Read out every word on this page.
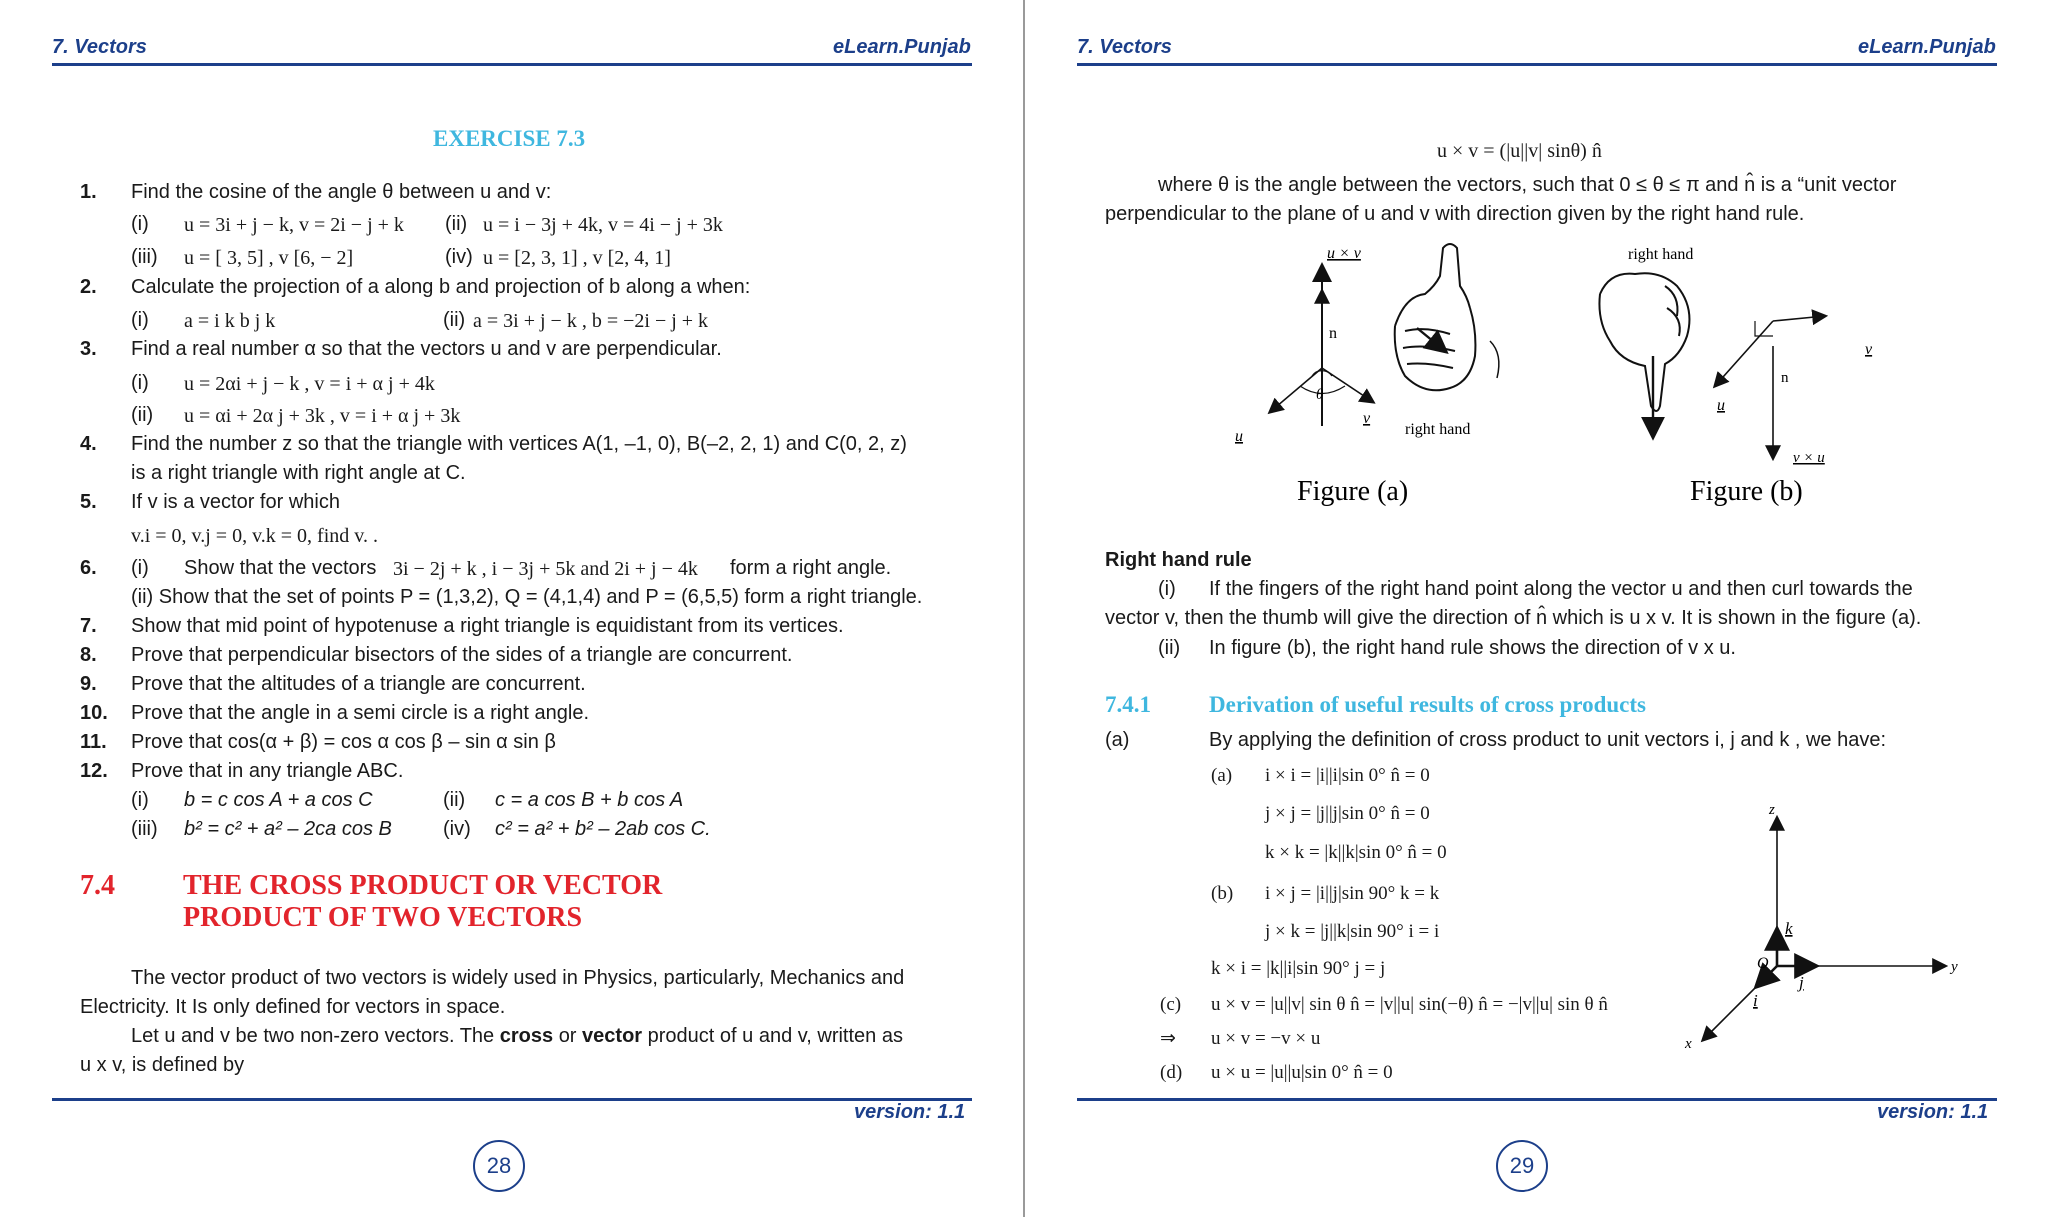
7. Vectors	eLearn.Punjab
EXERCISE 7.3
1. Find the cosine of the angle θ between u and v:
(i) u = 3i + j − k, v = 2i − j + k (ii) u = i − 3j + 4k, v = 4i − j + 3k
(iii) u = [ 3, 5] , v [6, − 2]	(iv) u = [2, 3, 1] , v [2, 4, 1]
2. Calculate the projection of a along b and projection of b along a when:
(i) a = i k b j k	(ii) a = 3i + j − k , b = −2i − j + k
3. Find a real number α so that the vectors u and v are perpendicular.
(i) u = 2αi + j − k , v = i + α j + 4k
(ii) u = αi + 2α j + 3k , v = i + α j + 3k
4. Find the number z so that the triangle with vertices A(1, –1, 0), B(–2, 2, 1) and C(0, 2, z)
is a right triangle with right angle at C.
5. If v is a vector for which
v.i = 0, v.j = 0, v.k = 0, find v. .
6. (i) Show that the vectors 3i − 2j + k , i − 3j + 5k and 2i + j − 4k form a right angle.
(ii) Show that the set of points P = (1,3,2), Q = (4,1,4) and P = (6,5,5) form a right triangle.
7. Show that mid point of hypotenuse a right triangle is equidistant from its vertices.
8. Prove that perpendicular bisectors of the sides of a triangle are concurrent.
9. Prove that the altitudes of a triangle are concurrent.
10. Prove that the angle in a semi circle is a right angle.
11. Prove that cos(α + β) = cos α cos β – sin α sin β
12. Prove that in any triangle ABC.
(i) b = c cos A + a cos C	(ii) c = a cos B + b cos A
(iii) b² = c² + a² – 2ca cos B	(iv) c² = a² + b² – 2ab cos C.
7.4 THE CROSS PRODUCT OR VECTOR
PRODUCT OF TWO VECTORS
The vector product of two vectors is widely used in Physics, particularly, Mechanics and
Electricity. It Is only defined for vectors in space.
Let u and v be two non-zero vectors. The cross or vector product of u and v, written as
u x v, is defined by
version: 1.1
28
7. Vectors	eLearn.Punjab
u × v = (|u||v| sinθ) n̂
where θ is the angle between the vectors, such that 0 ≤ θ ≤ π and n̂ is a “unit vector
perpendicular to the plane of u and v with direction given by the right hand rule.
u × v
n
θ
u
v
right hand
Figure (a)
right hand
n
u
v
v × u
Figure (b)
Right hand rule
(i) If the fingers of the right hand point along the vector u and then curl towards the
vector v, then the thumb will give the direction of n̂ which is u x v. It is shown in the figure (a).
(ii) In figure (b), the right hand rule shows the direction of v x u.
7.4.1	Derivation of useful results of cross products
(a)	By applying the definition of cross product to unit vectors i, j and k , we have:
(a) i × i = |i||i|sin 0° n̂ = 0
j × j = |j||j|sin 0° n̂ = 0
k × k = |k||k|sin 0° n̂ = 0
(b) i × j = |i||j|sin 90° k = k
j × k = |j||k|sin 90° i = i
k × i = |k||i|sin 90° j = j
(c) u × v = |u||v| sin θ n̂ = |v||u| sin(−θ) n̂ = −|v||u| sin θ n̂
⇒ u × v = −v × u
(d) u × u = |u||u|sin 0° n̂ = 0
z
y
x
O
k
j
i
version: 1.1
29
